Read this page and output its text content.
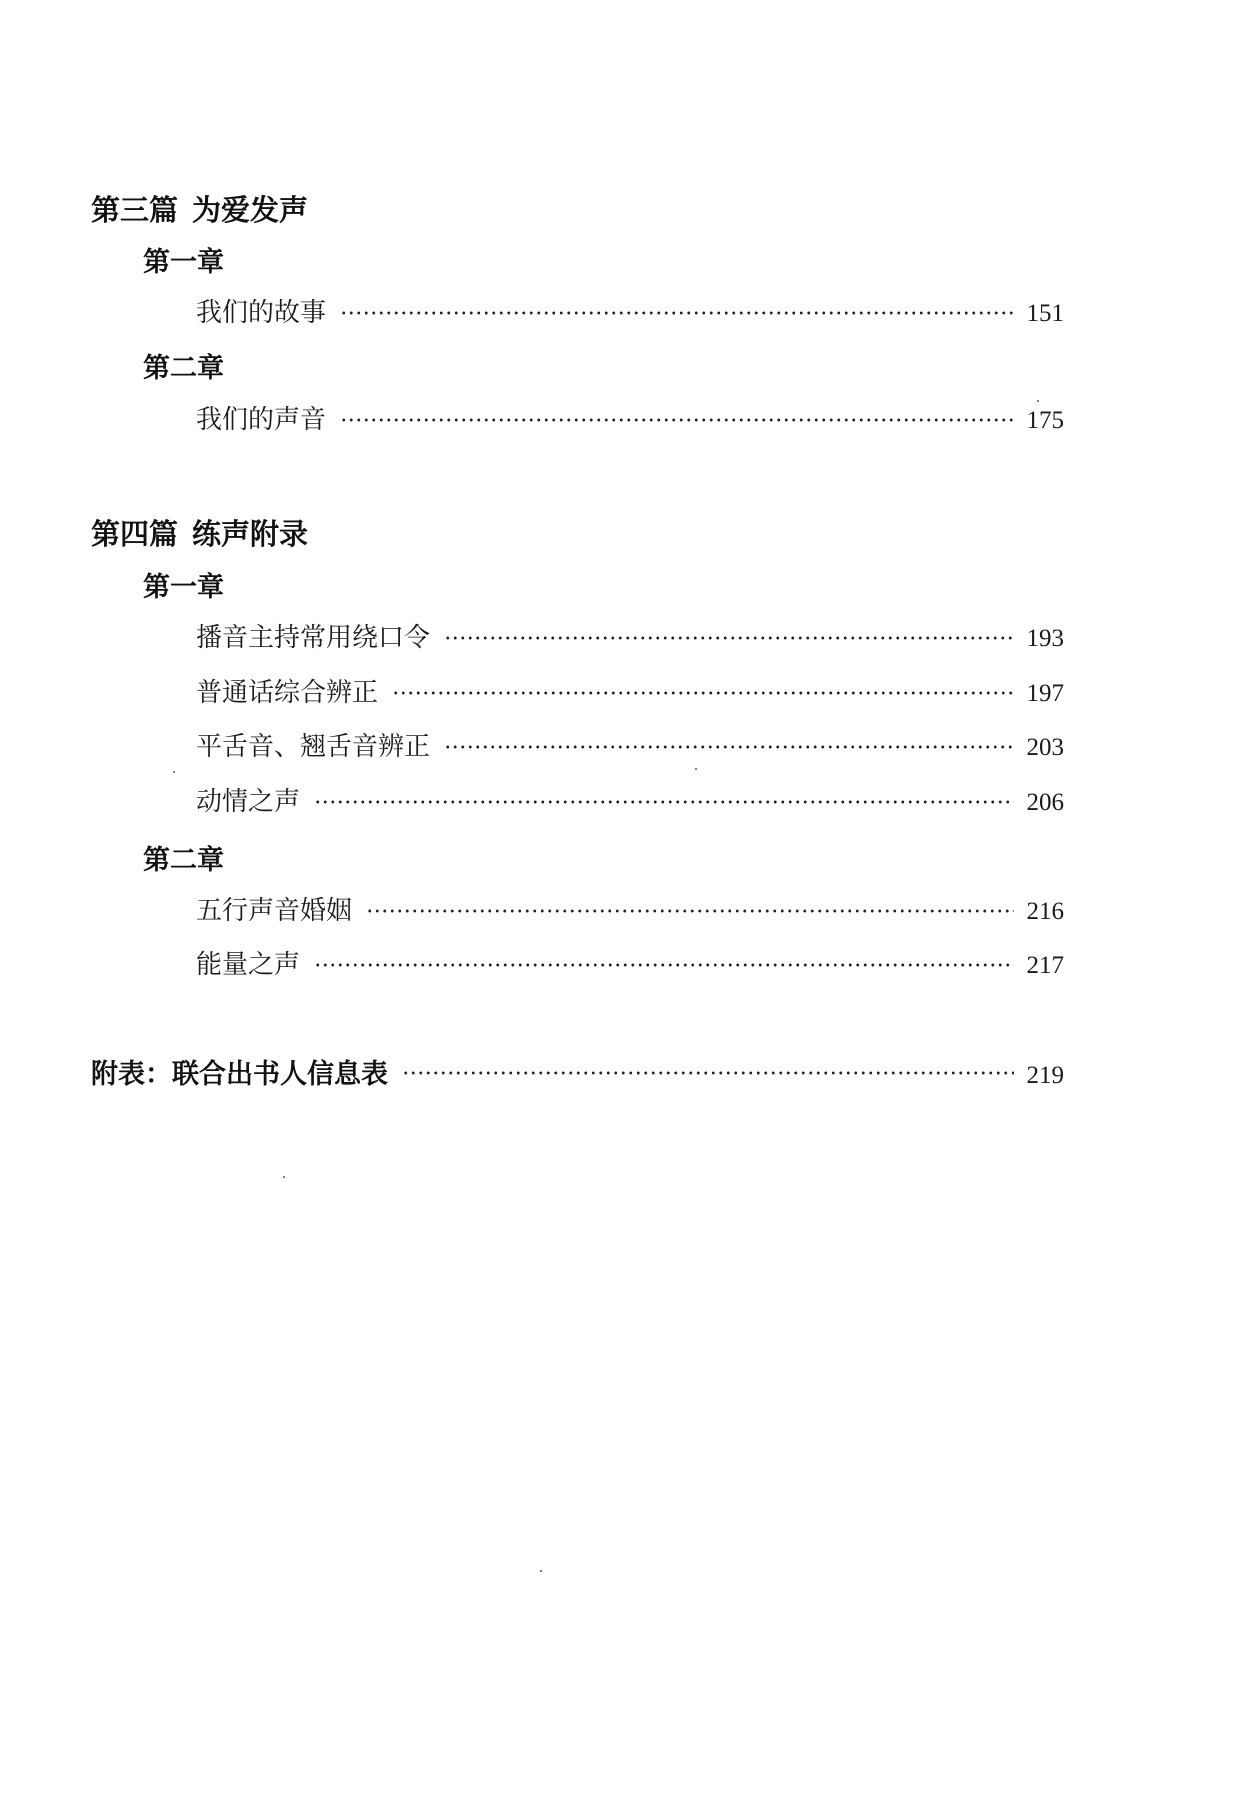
第三篇 为爱发声
第一章
我们的故事	151
第二章
我们的声音	175
第四篇 练声附录
第一章
播音主持常用绕口令	193
普通话综合辨正	197
平舌音、翘舌音辨正	203
动情之声	206
第二章
五行声音婚姻	216
能量之声	217
附表：联合出书人信息表	219
